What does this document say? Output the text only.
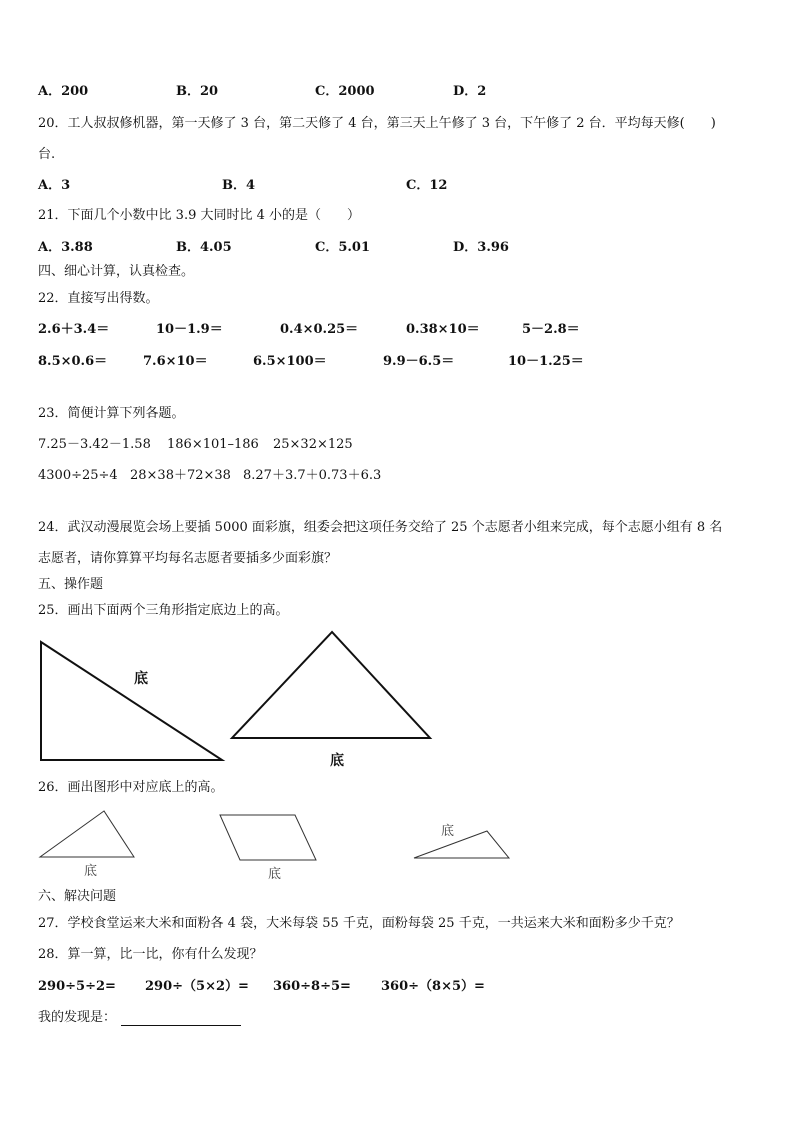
A．200	B．20	C．2000	D．2
20．工人叔叔修机器，第一天修了 3 台，第二天修了 4 台，第三天上午修了 3 台，下午修了 2 台．平均每天修(　　)
台.
A．3	B．4	C．12
21．下面几个小数中比 3.9 大同时比 4 小的是（　　）
A．3.88	B．4.05	C．5.01	D．3.96
四、细心计算，认真检查。
22．直接写出得数。
2.6＋3.4＝	10－1.9＝	0.4×0.25＝	0.38×10＝	5－2.8＝
8.5×0.6＝	7.6×10＝	6.5×100＝	9.9－6.5＝	10－1.25＝
23．简便计算下列各题。
7.25－3.42－1.58 186×101–186 25×32×125
4300÷25÷4 28×38＋72×38 8.27＋3.7＋0.73＋6.3
24．武汉动漫展览会场上要插 5000 面彩旗，组委会把这项任务交给了 25 个志愿者小组来完成，每个志愿小组有 8 名
志愿者，请你算算平均每名志愿者要插多少面彩旗？
五、操作题
25．画出下面两个三角形指定底边上的高。
底
底
26．画出图形中对应底上的高。
底	底
底
六、解决问题
27．学校食堂运来大米和面粉各 4 袋，大米每袋 55 千克，面粉每袋 25 千克，一共运来大米和面粉多少千克？
28．算一算，比一比，你有什么发现？
290÷5÷2= 290÷（5×2）= 360÷8÷5= 360÷（8×5）=
我的发现是：
